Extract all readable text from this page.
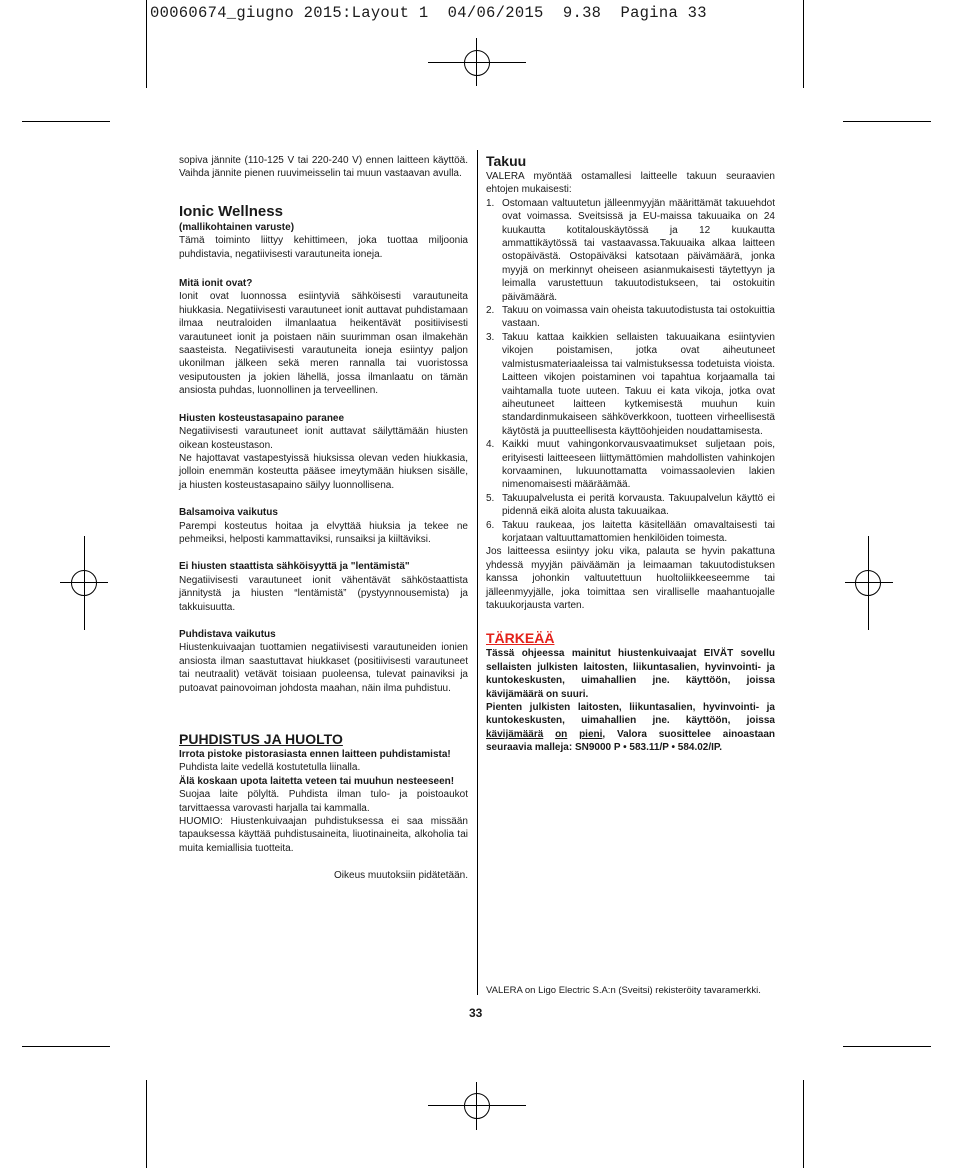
00060674_giugno 2015:Layout 1  04/06/2015  9.38  Pagina 33

sopiva jännite (110-125 V tai 220-240 V) ennen laitteen käyttöä. Vaihda jännite pienen ruuvimeisselin tai muun vastaavan avulla.

Ionic Wellness
(mallikohtainen varuste)

Tämä toiminto liittyy kehittimeen, joka tuottaa miljoonia puhdistavia, negatiivisesti varautuneita ioneja.

Mitä ionit ovat?

Ionit ovat luonnossa esiintyviä sähköisesti varautuneita hiukkasia. Negatiivisesti varautuneet ionit auttavat puhdistamaan ilmaa neutraloiden ilmanlaatua heikentävät positiivisesti varautuneet ionit ja poistaen näin suurimman osan ilmakehän saasteista. Negatiivisesti varautuneita ioneja esiintyy paljon ukonilman jälkeen sekä meren rannalla tai vuoristossa vesiputousten ja jokien lähellä, jossa ilmanlaatu on tämän ansiosta puhdas, luonnollinen ja terveellinen.

Hiusten kosteustasapaino paranee

Negatiivisesti varautuneet ionit auttavat säilyttämään hiusten oikean kosteustason.

Ne hajottavat vastapestyissä hiuksissa olevan veden hiukkasia, jolloin enemmän kosteutta pääsee imeytymään hiuksen sisälle, ja hiusten kosteustasapaino säilyy luonnollisena.

Balsamoiva vaikutus

Parempi kosteutus hoitaa ja elvyttää hiuksia ja tekee ne pehmeiksi, helposti kammattaviksi, runsaiksi ja kiiltäviksi.

Ei hiusten staattista sähköisyyttä ja "lentämistä"

Negatiivisesti varautuneet ionit vähentävät sähköstaattista jännitystä ja hiusten “lentämistä” (pystyynnousemista) ja takkuisuutta.

Puhdistava vaikutus

Hiustenkuivaajan tuottamien negatiivisesti varautuneiden ionien ansiosta ilman saastuttavat hiukkaset (positiivisesti varautuneet tai neutraalit) vetävät toisiaan puoleensa, tulevat painaviksi ja putoavat painovoiman johdosta maahan, näin ilma puhdistuu.

PUHDISTUS JA HUOLTO
Irrota pistoke pistorasiasta ennen laitteen puhdistamista!

Puhdista laite vedellä kostutetulla liinalla.

Älä koskaan upota laitetta veteen tai muuhun nesteeseen!

Suojaa laite pölyltä. Puhdista ilman tulo- ja poistoaukot tarvittaessa varovasti harjalla tai kammalla.

HUOMIO: Hiustenkuivaajan puhdistuksessa ei saa missään tapauksessa käyttää puhdistusaineita, liuotinaineita, alkoholia tai muita kemiallisia tuotteita.

Oikeus muutoksiin pidätetään.

Takuu

VALERA myöntää ostamallesi laitteelle takuun seuraavien ehtojen mukaisesti:

1. Ostomaan valtuutetun jälleenmyyjän määrittämät takuuehdot ovat voimassa. Sveitsissä ja EU-maissa takuuaika on 24 kuukautta kotitalouskäytössä ja 12 kuukautta ammattikäytössä tai vastaavassa.Takuuaika alkaa laitteen ostopäivästä. Ostopäiväksi katsotaan päivämäärä, jonka myyjä on merkinnyt oheiseen asianmukaisesti täytettyyn ja leimalla varustettuun takuutodistukseen, tai ostokuitin päivämäärä.
2. Takuu on voimassa vain oheista takuutodistusta tai ostokuittia vastaan.
3. Takuu kattaa kaikkien sellaisten takuuaikana esiintyvien vikojen poistamisen, jotka ovat aiheutuneet valmistusmateriaaleissa tai valmistuksessa todetuista vioista. Laitteen vikojen poistaminen voi tapahtua korjaamalla tai vaihtamalla tuote uuteen. Takuu ei kata vikoja, jotka ovat aiheutuneet laitteen kytkemisestä muuhun kuin standardinmukaiseen sähköverkkoon, tuotteen virheellisestä käytöstä ja puutteellisesta käyttöohjeiden noudattamisesta.
4. Kaikki muut vahingonkorvausvaatimukset suljetaan pois, erityisesti laitteeseen liittymättömien mahdollisten vahinkojen korvaaminen, lukuunottamatta voimassaolevien lakien nimenomaisesti määräämää.
5. Takuupalvelusta ei peritä korvausta. Takuupalvelun käyttö ei pidennä eikä aloita alusta takuuaikaa.
6. Takuu raukeaa, jos laitetta käsitellään omavaltaisesti tai korjataan valtuuttamattomien henkilöiden toimesta.

Jos laitteessa esiintyy joku vika, palauta se hyvin pakattuna yhdessä myyjän päiväämän ja leimaaman takuutodistuksen kanssa johonkin valtuutettuun huoltoliikkeeseemme tai jälleenmyyjälle, joka toimittaa sen viralliselle maahantuojalle takuukorjausta varten.

TÄRKEÄÄ

Tässä ohjeessa mainitut hiustenkuivaajat EIVÄT sovellu sellaisten julkisten laitosten, liikuntasalien, hyvinvointi- ja kuntokeskusten, uimahallien jne. käyttöön, joissa kävijämäärä on suuri.

Pienten julkisten laitosten, liikuntasalien, hyvinvointi- ja kuntokeskusten, uimahallien jne. käyttöön, joissa kävijämäärä on pieni, Valora suosittelee ainoastaan seuraavia malleja: SN9000 P • 583.11/P • 584.02/IP.

VALERA on Ligo Electric S.A:n (Sveitsi) rekisteröity tavaramerkki.
33
